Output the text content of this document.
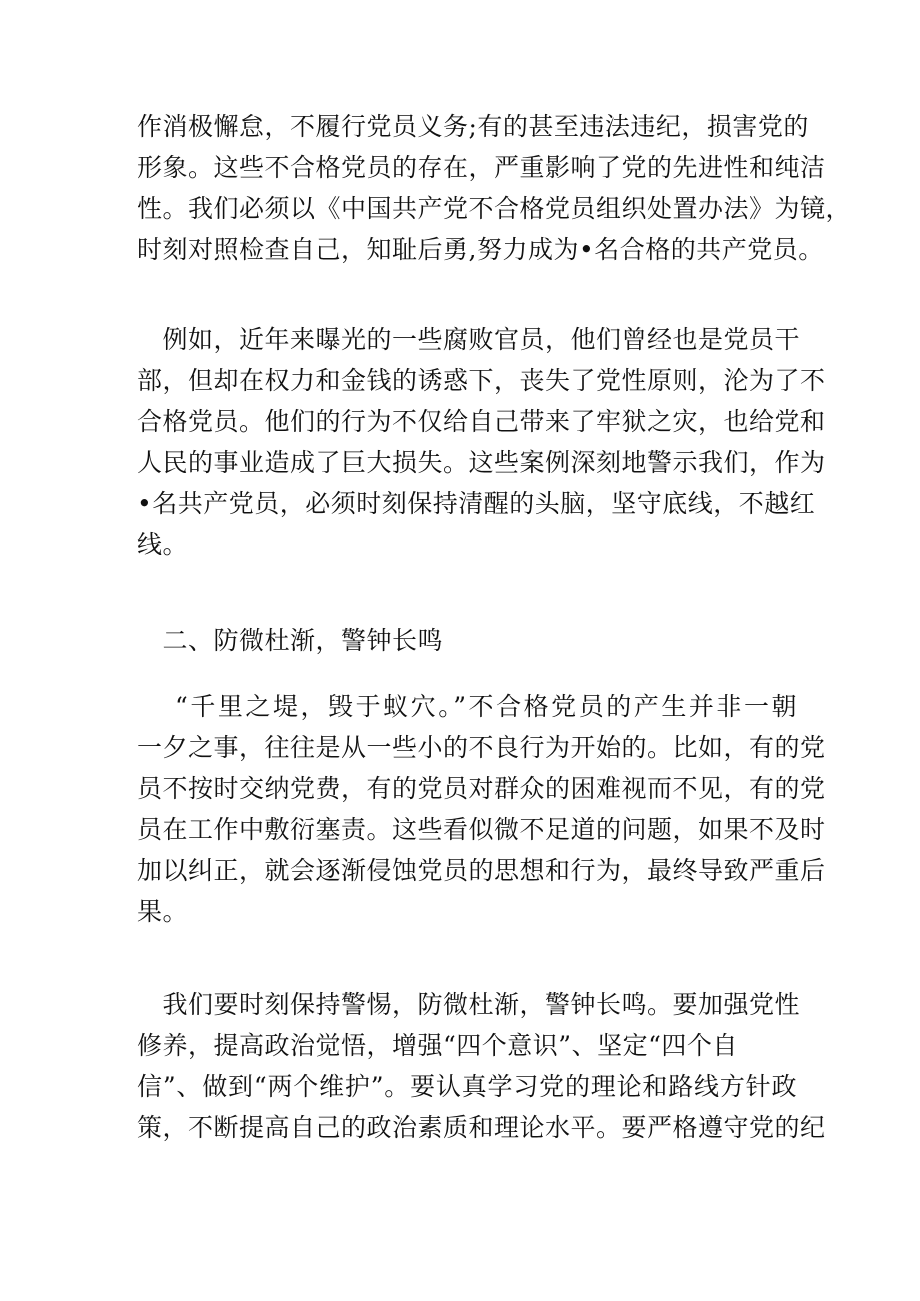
作消极懈怠，不履行党员义务;有的甚至违法违纪，损害党的
形象。这些不合格党员的存在，严重影响了党的先进性和纯洁
性。我们必须以《中国共产党不合格党员组织处置办法》为镜，
时刻对照检查自己，知耻后勇,努力成为•名合格的共产党员。
　例如，近年来曝光的一些腐败官员，他们曾经也是党员干
部，但却在权力和金钱的诱惑下，丧失了党性原则，沦为了不
合格党员。他们的行为不仅给自己带来了牢狱之灾，也给党和
人民的事业造成了巨大损失。这些案例深刻地警示我们，作为
•名共产党员，必须时刻保持清醒的头脑，坚守底线，不越红
线。
　二、防微杜渐，警钟长鸣
　 “千里之堤，毁于蚁穴。”不合格党员的产生并非一朝
一夕之事，往往是从一些小的不良行为开始的。比如，有的党
员不按时交纳党费，有的党员对群众的困难视而不见，有的党
员在工作中敷衍塞责。这些看似微不足道的问题，如果不及时
加以纠正，就会逐渐侵蚀党员的思想和行为，最终导致严重后
果。
　我们要时刻保持警惕，防微杜渐，警钟长鸣。要加强党性
修养，提高政治觉悟，增强“四个意识”、坚定“四个自
信”、做到“两个维护”。要认真学习党的理论和路线方针政
策，不断提高自己的政治素质和理论水平。要严格遵守党的纪
